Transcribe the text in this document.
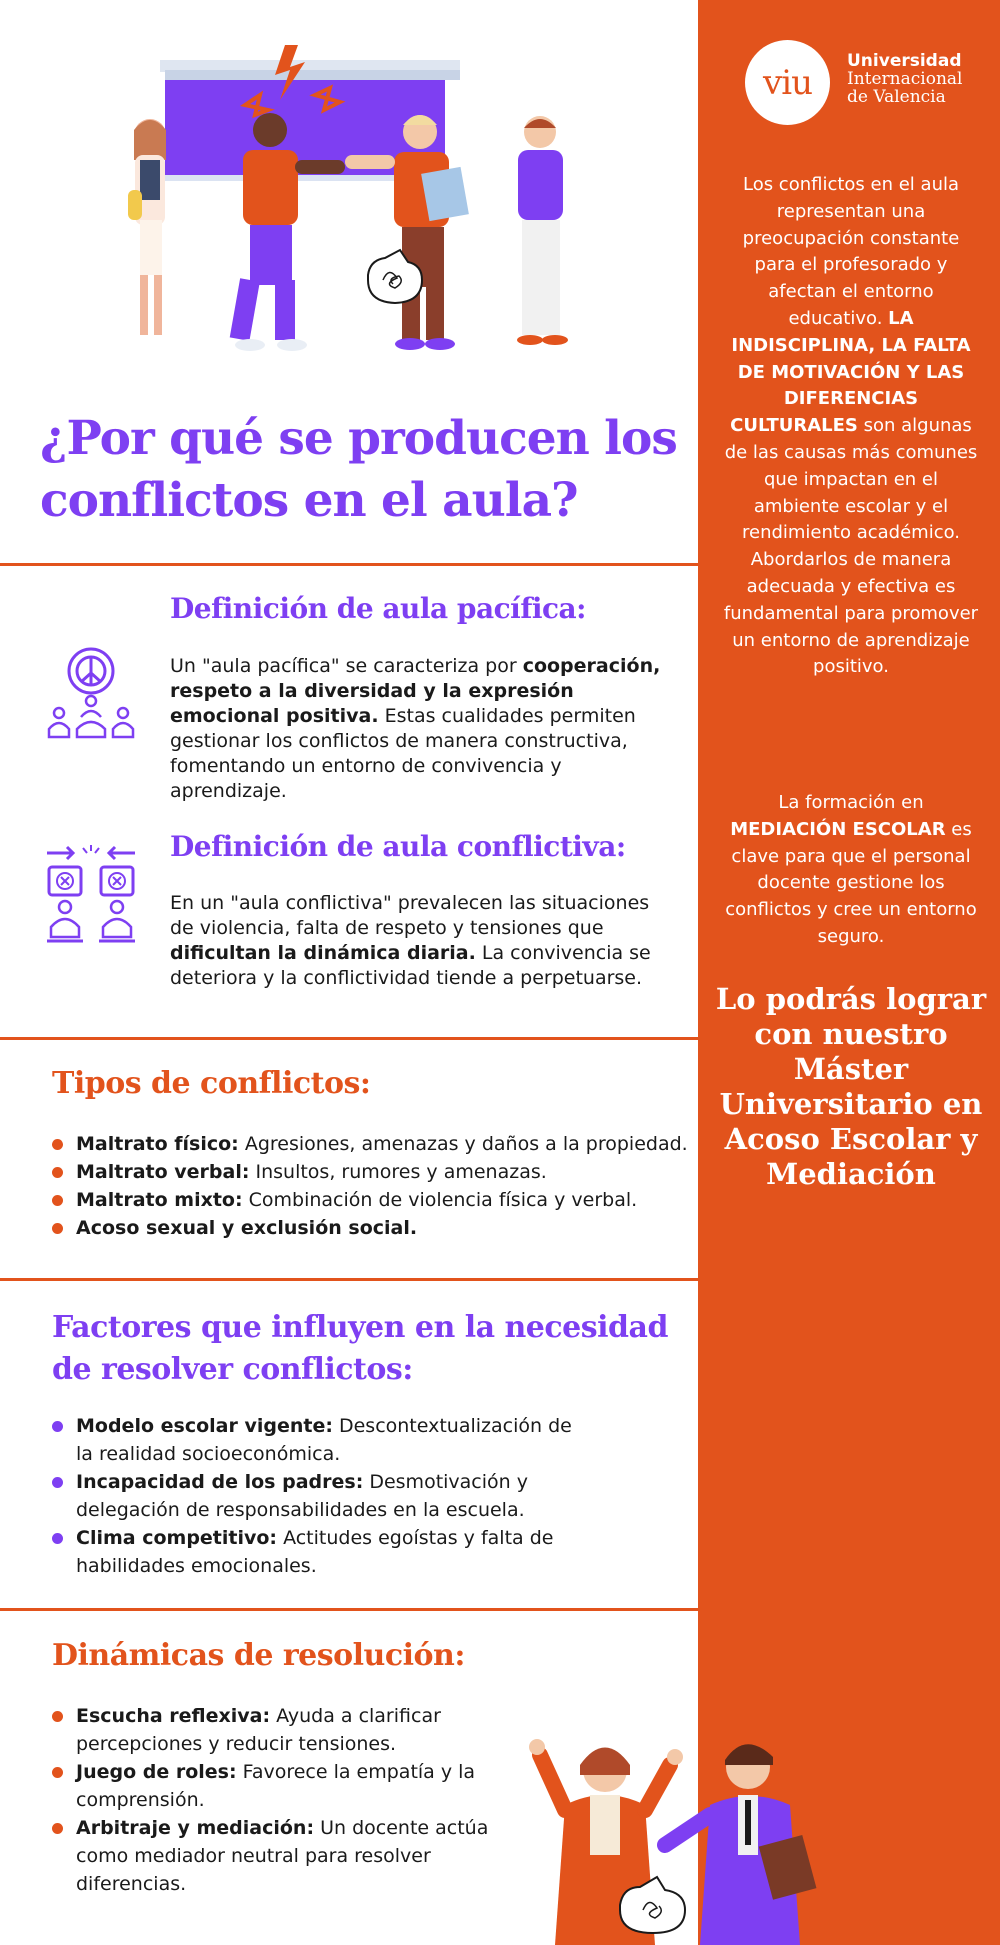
¿Por qué se producen los conflictos en el aula?
Definición de aula pacífica:
Un "aula pacífica" se caracteriza por cooperación, respeto a la diversidad y la expresión emocional positiva. Estas cualidades permiten gestionar los conflictos de manera constructiva, fomentando un entorno de convivencia y aprendizaje.
Definición de aula conflictiva:
En un "aula conflictiva" prevalecen las situaciones de violencia, falta de respeto y tensiones que dificultan la dinámica diaria. La convivencia se deteriora y la conflictividad tiende a perpetuarse.
Tipos de conflictos:
Maltrato físico: Agresiones, amenazas y daños a la propiedad.
Maltrato verbal: Insultos, rumores y amenazas.
Maltrato mixto: Combinación de violencia física y verbal.
Acoso sexual y exclusión social.
Factores que influyen en la necesidad de resolver conflictos:
Modelo escolar vigente: Descontextualización de la realidad socioeconómica.
Incapacidad de los padres: Desmotivación y delegación de responsabilidades en la escuela.
Clima competitivo: Actitudes egoístas y falta de habilidades emocionales.
Dinámicas de resolución:
Escucha reflexiva: Ayuda a clarificar percepciones y reducir tensiones.
Juego de roles: Favorece la empatía y la comprensión.
Arbitraje y mediación: Un docente actúa como mediador neutral para resolver diferencias.
viu
Universidad
Internacional
de Valencia
Los conflictos en el aula representan una preocupación constante para el profesorado y afectan el entorno educativo. LA INDISCIPLINA, LA FALTA DE MOTIVACIÓN Y LAS DIFERENCIAS CULTURALES son algunas de las causas más comunes que impactan en el ambiente escolar y el rendimiento académico. Abordarlos de manera adecuada y efectiva es fundamental para promover un entorno de aprendizaje positivo.
La formación en MEDIACIÓN ESCOLAR es clave para que el personal docente gestione los conflictos y cree un entorno seguro.
Lo podrás lograr con nuestro Máster Universitario en Acoso Escolar y Mediación
